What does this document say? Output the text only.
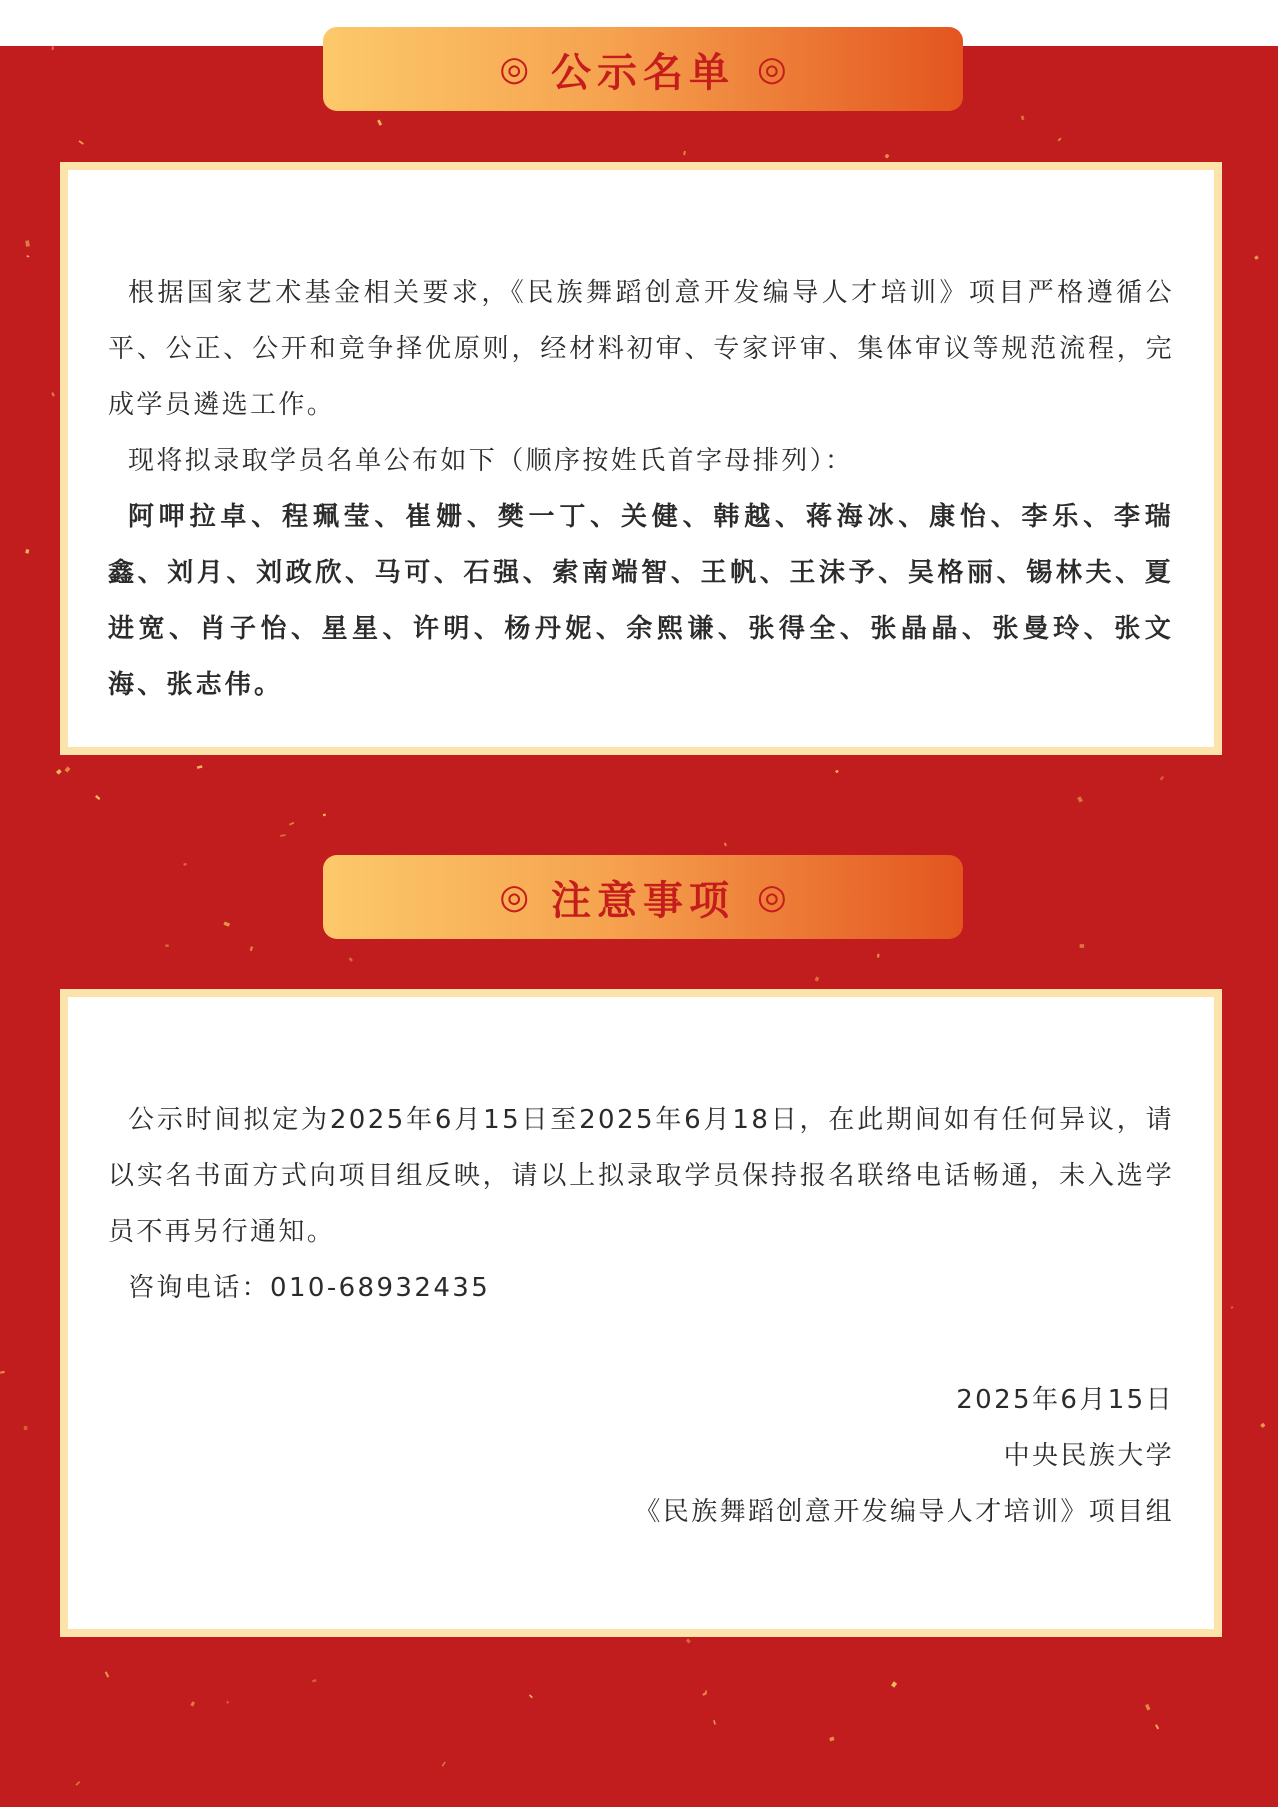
◎ 公示名单 ◎

根据国家艺术基金相关要求，《民族舞蹈创意开发编导人才培训》项目严格遵循公平、公正、公开和竞争择优原则，经材料初审、专家评审、集体审议等规范流程，完成学员遴选工作。

现将拟录取学员名单公布如下（顺序按姓氏首字母排列）：

阿呷拉卓、程珮莹、崔姗、樊一丁、关健、韩越、蒋海冰、康怡、李乐、李瑞鑫、刘月、刘政欣、马可、石强、索南端智、王帆、王沫予、吴格丽、锡林夫、夏进宽、肖子怡、星星、许明、杨丹妮、余熙谦、张得全、张晶晶、张曼玲、张文海、张志伟。

◎ 注意事项 ◎

公示时间拟定为2025年6月15日至2025年6月18日，在此期间如有任何异议，请以实名书面方式向项目组反映，请以上拟录取学员保持报名联络电话畅通，未入选学员不再另行通知。

咨询电话：010-68932435

2025年6月15日

中央民族大学

《民族舞蹈创意开发编导人才培训》项目组
